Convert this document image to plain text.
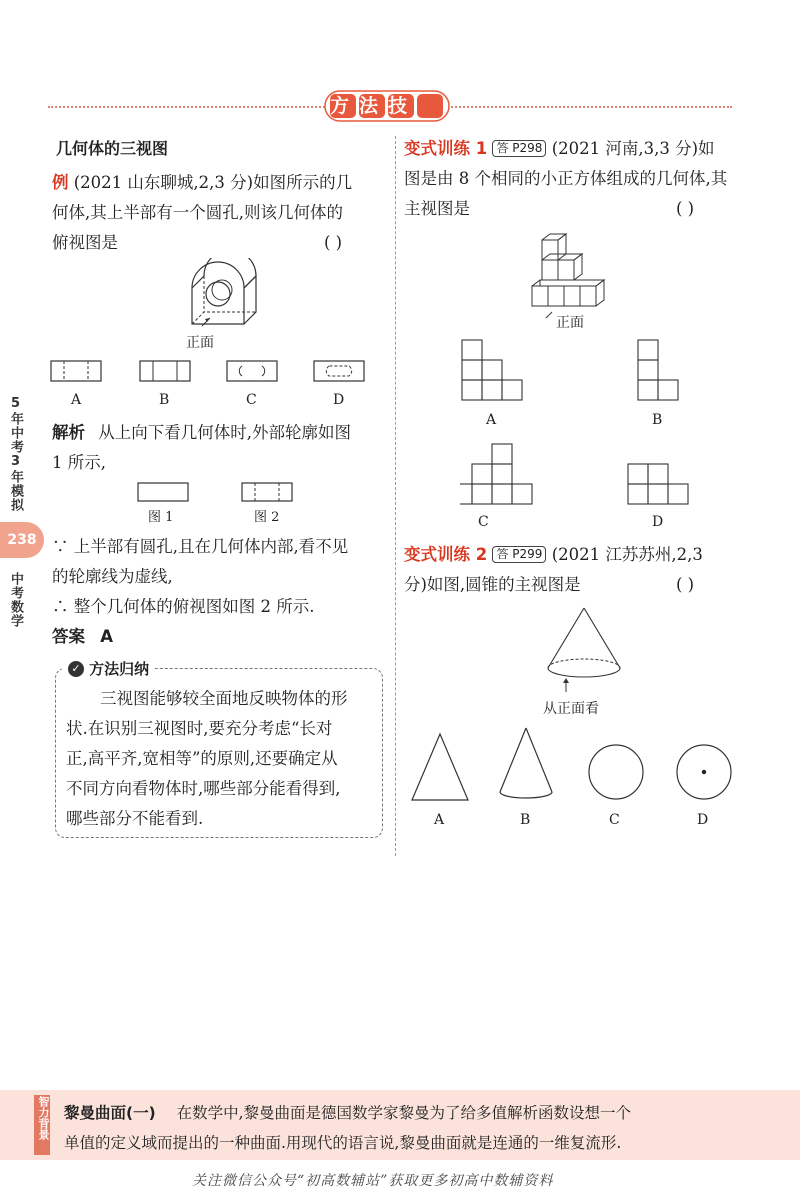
方法技巧
5年中考3年模拟
238
中考数学
几何体的三视图
例 (2021 山东聊城,2,3 分)如图所示的几
何体,其上半部有一个圆孔,则该几何体的
俯视图是	( )
正面
A	B	C	D
解析 从上向下看几何体时,外部轮廓如图
1 所示,
图 1	图 2
∵ 上半部有圆孔,且在几何体内部,看不见
的轮廓线为虚线,
∴ 整个几何体的俯视图如图 2 所示.
答案 A
✓ 方法归纳
三视图能够较全面地反映物体的形
状.在识别三视图时,要充分考虑“长对
正,高平齐,宽相等”的原则,还要确定从
不同方向看物体时,哪些部分能看得到,
哪些部分不能看到.
变式训练 1 答 P298 (2021 河南,3,3 分)如
图是由 8 个相同的小正方体组成的几何体,其
主视图是	( )
正面
A	B
C	D
变式训练 2 答 P299 (2021 江苏苏州,2,3
分)如图,圆锥的主视图是	( )
从正面看
A	B	C	D
智力背景 黎曼曲面(一) 在数学中,黎曼曲面是德国数学家黎曼为了给多值解析函数设想一个
单值的定义域而提出的一种曲面.用现代的语言说,黎曼曲面就是连通的一维复流形.
关注微信公众号“初高数辅站”获取更多初高中数辅资料
